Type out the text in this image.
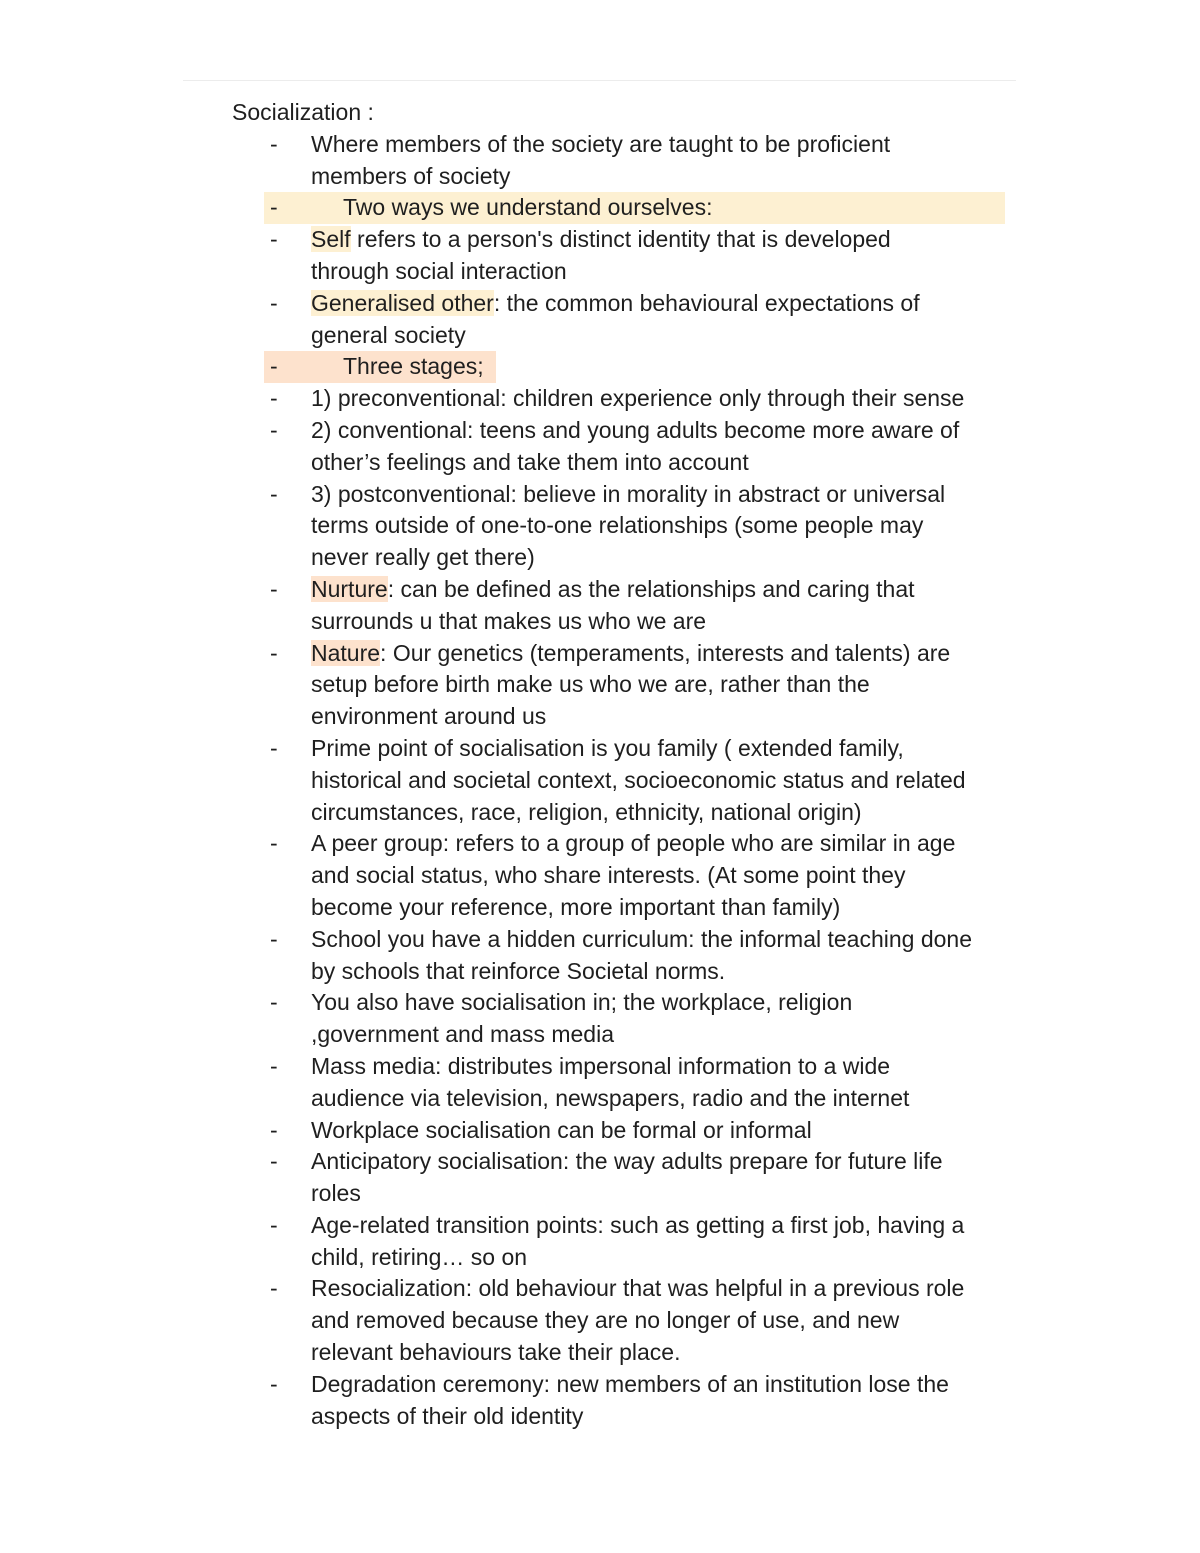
Socialization :

-	Where members of the society are taught to be proficient members of society
-	Two ways we understand ourselves:
-	Self refers to a person's distinct identity that is developed through social interaction
-	Generalised other: the common behavioural expectations of general society
-	Three stages;
-	1) preconventional: children experience only through their sense
-	2) conventional: teens and young adults become more aware of other’s feelings and take them into account
-	3) postconventional: believe in morality in abstract or universal terms outside of one-to-one relationships (some people may never really get there)
-	Nurture: can be defined as the relationships and caring that surrounds u that makes us who we are
-	Nature: Our genetics (temperaments, interests and talents) are setup before birth make us who we are, rather than the environment around us
-	Prime point of socialisation is you family ( extended family, historical and societal context, socioeconomic status and related circumstances, race, religion, ethnicity, national origin)
-	A peer group: refers to a group of people who are similar in age and social status, who share interests. (At some point they become your reference, more important than family)
-	School you have a hidden curriculum: the informal teaching done by schools that reinforce Societal norms.
-	You also have socialisation in; the workplace, religion ,government and mass media
-	Mass media: distributes impersonal information to a wide audience via television, newspapers, radio and the internet
-	Workplace socialisation can be formal or informal
-	Anticipatory socialisation: the way adults prepare for future life roles
-	Age-related transition points: such as getting a first job, having a child, retiring… so on
-	Resocialization: old behaviour that was helpful in a previous role and removed because they are no longer of use, and new relevant behaviours take their place.
-	Degradation ceremony: new members of an institution lose the aspects of their old identity
